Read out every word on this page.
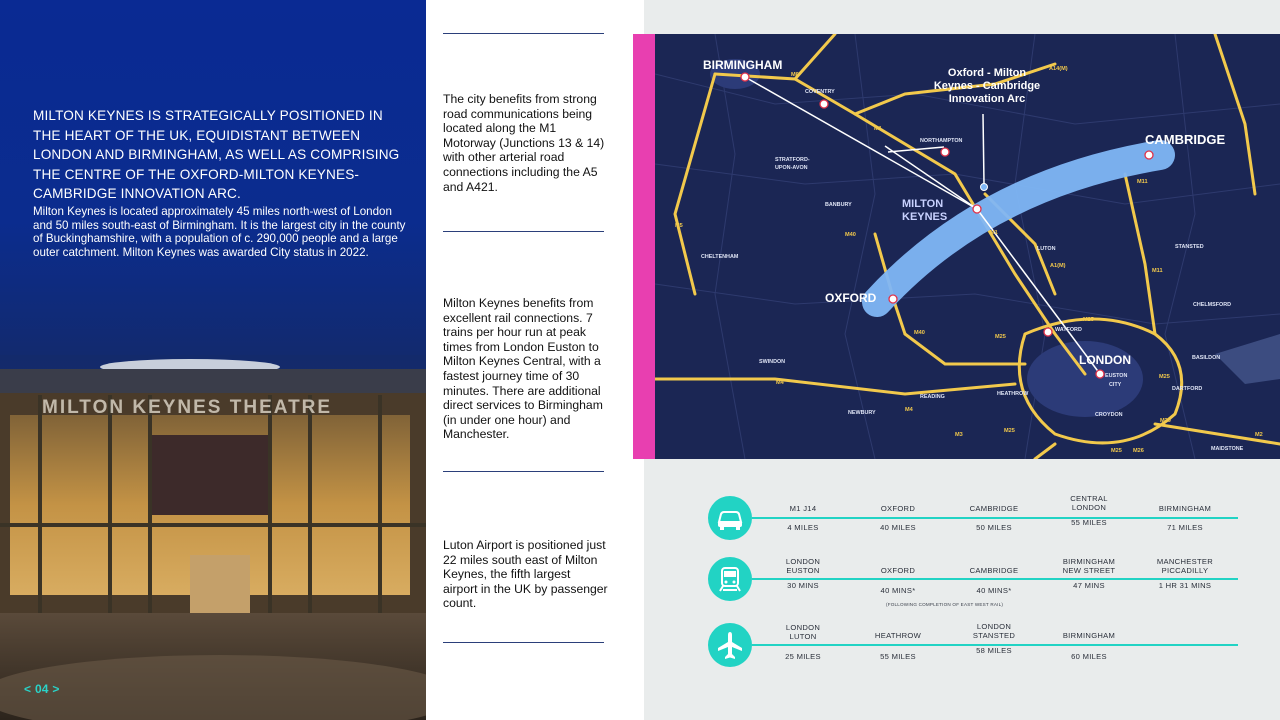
MILTON KEYNES IS STRATEGICALLY POSITIONED IN THE HEART OF THE UK, EQUIDISTANT BETWEEN LONDON AND BIRMINGHAM, AS WELL AS COMPRISING THE CENTRE OF THE OXFORD-MILTON KEYNES-CAMBRIDGE INNOVATION ARC.

Milton Keynes is located approximately 45 miles north-west of London and 50 miles south-east of Birmingham. It is the largest city in the county of Buckinghamshire, with a population of c. 290,000 people and a large outer catchment. Milton Keynes was awarded City status in 2022.

MILTON KEYNES THEATRE
< 04 >

The city benefits from strong road communications being located along the M1 Motorway (Junctions 13 & 14) with other arterial road connections including the A5 and A421.

Milton Keynes benefits from excellent rail connections. 7 trains per hour run at peak times from London Euston to Milton Keynes Central, with a fastest journey time of 30 minutes. There are additional direct services to Birmingham (in under one hour) and Manchester.

Luton Airport is positioned just 22 miles south east of Milton Keynes, the fifth largest airport in the UK by passenger count.

BIRMINGHAM
CAMBRIDGE
OXFORD
LONDON
MILTON
KEYNES
Oxford - Milton
Keynes - Cambridge
Innovation Arc
COVENTRY
NORTHAMPTON
STRATFORD-
UPON-AVON
BANBURY
CHELTENHAM
LUTON	STANSTED
CHELMSFORD
WATFORD
SWINDON
READING	HEATHROW
EUSTON
CITY
BASILDON
DARTFORD
CROYDON
NEWBURY
MAIDSTONE
M6
A14(M)
M1
M1
M11
M11
M40
M40
M5
A1(M)
M25
M25
M25
M25
M25
M4
M4
M3
M20
M2
M26
M1 J14
4 MILES
OXFORD
40 MILES
CAMBRIDGE
50 MILES
CENTRAL
LONDON
55 MILES
BIRMINGHAM
71 MILES
LONDON
EUSTON
30 MINS
OXFORD
40 MINS*
CAMBRIDGE
40 MINS*
BIRMINGHAM
NEW STREET
47 MINS
MANCHESTER
PICCADILLY
1 HR 31 MINS
(FOLLOWING COMPLETION OF EAST WEST RAIL)
LONDON
LUTON
25 MILES
HEATHROW
55 MILES
LONDON
STANSTED
58 MILES
BIRMINGHAM
60 MILES
